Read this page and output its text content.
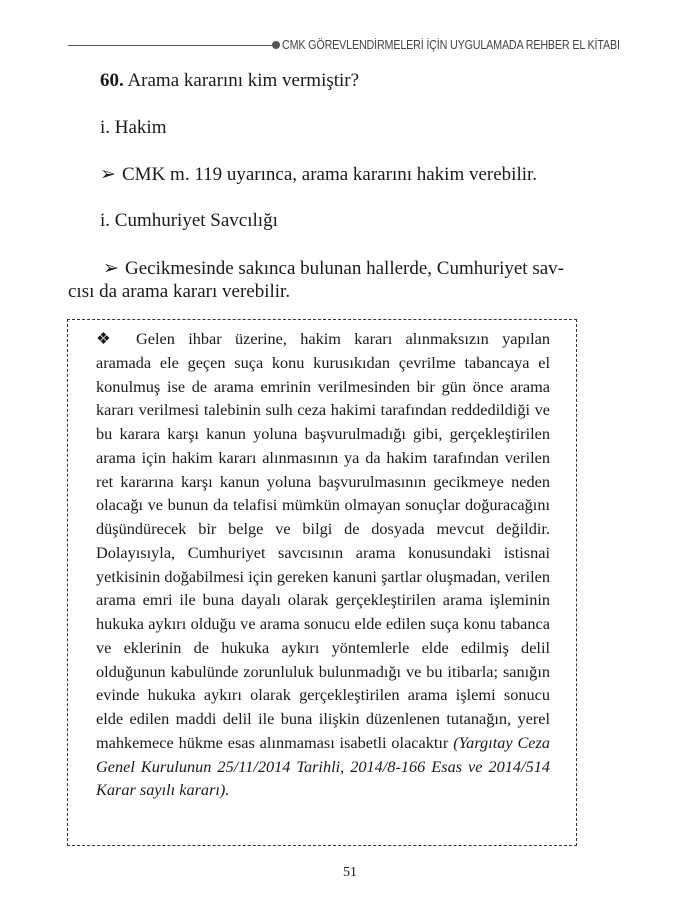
CMK GÖREVLENDİRMELERİ İÇİN UYGULAMADA REHBER EL KİTABI
60. Arama kararını kim vermiştir?
i. Hakim
➢ CMK m. 119 uyarınca, arama kararını hakim verebilir.
i. Cumhuriyet Savcılığı
➢ Gecikmesinde sakınca bulunan hallerde, Cumhuriyet sav-
cısı da arama kararı verebilir.
❖ Gelen ihbar üzerine, hakim kararı alınmaksızın yapılan aramada ele geçen suça konu kurusıkıdan çevrilme tabancaya el konulmuş ise de arama emrinin verilmesinden bir gün önce arama kararı verilmesi talebinin sulh ceza hakimi tarafından reddedildiği ve bu karara karşı kanun yoluna başvurulmadığı gibi, gerçekleştirilen arama için hakim kararı alınmasının ya da hakim tarafından verilen ret kararına karşı kanun yoluna başvurulmasının gecikmeye neden olacağı ve bunun da telafisi mümkün olmayan sonuçlar doğuracağını düşündürecek bir belge ve bilgi de dosyada mevcut değildir. Dolayısıyla, Cumhuriyet savcısının arama konusundaki istisnai yetkisinin doğabilmesi için gereken kanuni şartlar oluşmadan, verilen arama emri ile buna dayalı olarak gerçekleştirilen arama işleminin hukuka aykırı olduğu ve arama sonucu elde edilen suça konu tabanca ve eklerinin de hukuka aykırı yöntemlerle elde edilmiş delil olduğunun kabulünde zorunluluk bulunmadığı ve bu itibarla; sanığın evinde hukuka aykırı olarak gerçekleştirilen arama işlemi sonucu elde edilen maddi delil ile buna ilişkin düzenlenen tutanağın, yerel mahkemece hükme esas alınmaması isabetli olacaktır (Yargıtay Ceza Genel Kurulunun 25/11/2014 Tarihli, 2014/8-166 Esas ve 2014/514 Karar sayılı kararı).
51
